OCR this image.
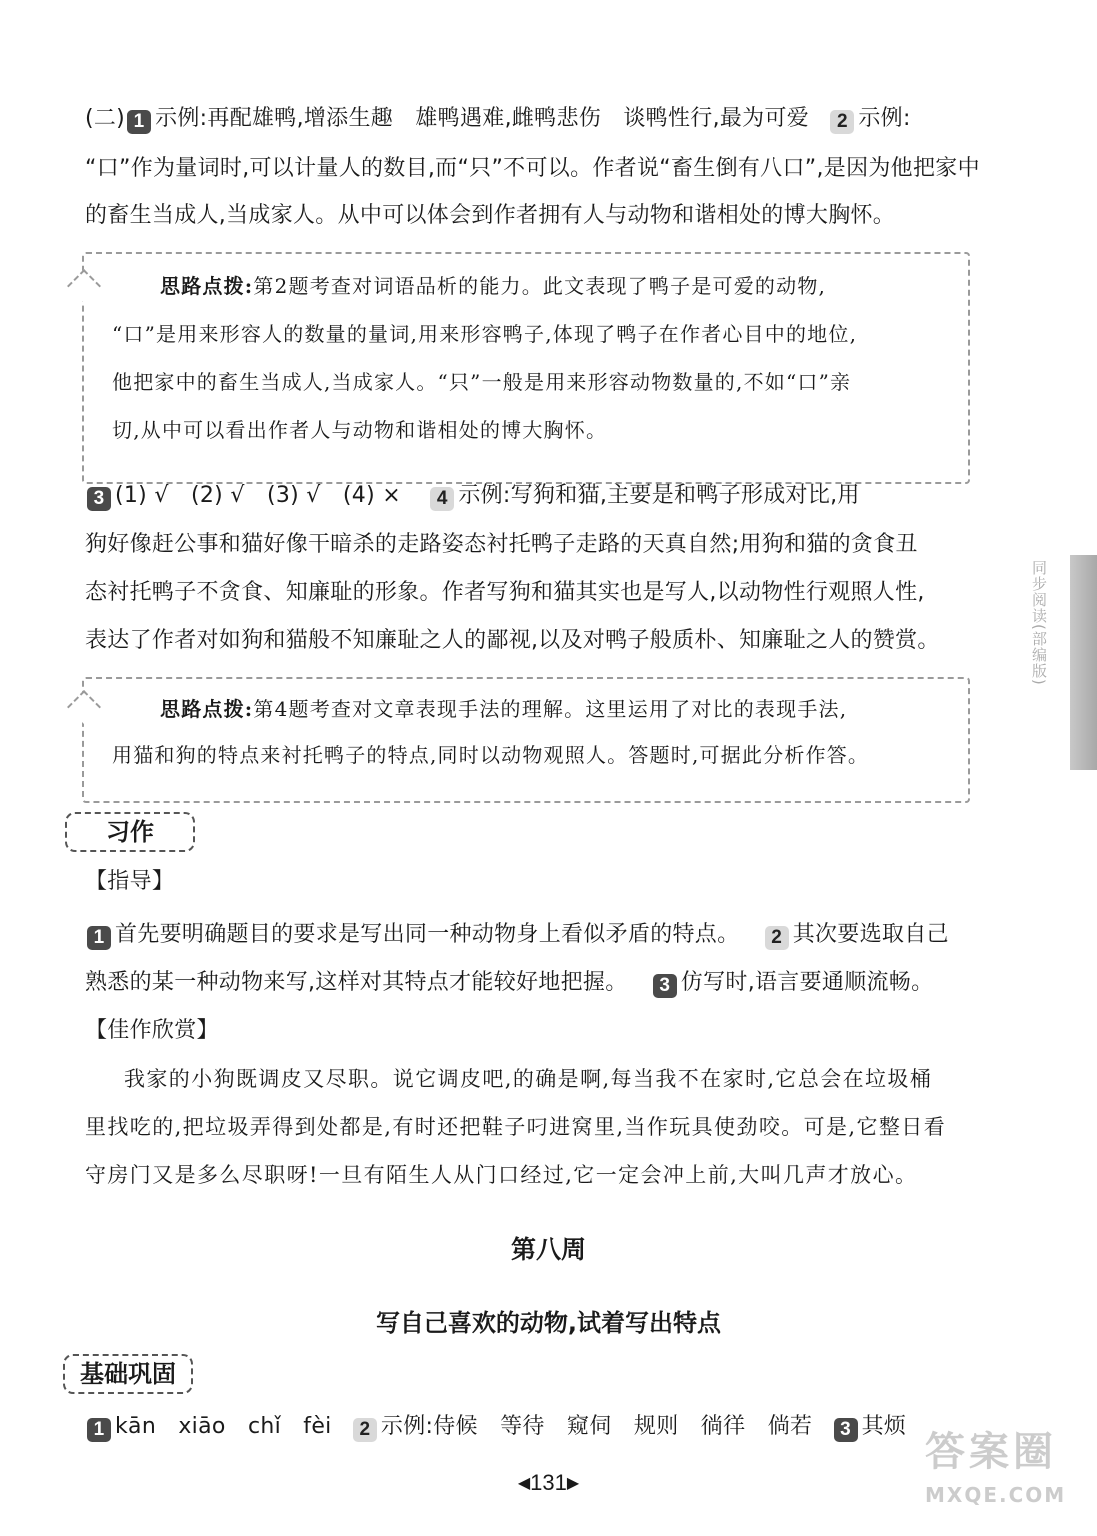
(二) 1 示例:再配雄鸭,增添生趣　雄鸭遇难,雌鸭悲伤　谈鸭性行,最为可爱 2 示例:
“口”作为量词时,可以计量人的数目,而“只”不可以。作者说“畜生倒有八口”,是因为他把家中
的畜生当成人,当成家人。从中可以体会到作者拥有人与动物和谐相处的博大胸怀。
思路点拨:第2题考查对词语品析的能力。此文表现了鸭子是可爱的动物,
“口”是用来形容人的数量的量词,用来形容鸭子,体现了鸭子在作者心目中的地位,
他把家中的畜生当成人,当成家人。“只”一般是用来形容动物数量的,不如“口”亲
切,从中可以看出作者人与动物和谐相处的博大胸怀。
3 (1) √　(2) √　(3) √　(4) × 4 示例:写狗和猫,主要是和鸭子形成对比,用
狗好像赶公事和猫好像干暗杀的走路姿态衬托鸭子走路的天真自然;用狗和猫的贪食丑
态衬托鸭子不贪食、知廉耻的形象。作者写狗和猫其实也是写人,以动物性行观照人性,
表达了作者对如狗和猫般不知廉耻之人的鄙视,以及对鸭子般质朴、知廉耻之人的赞赏。
思路点拨:第4题考查对文章表现手法的理解。这里运用了对比的表现手法,
用猫和狗的特点来衬托鸭子的特点,同时以动物观照人。答题时,可据此分析作答。
习作
【指导】
1 首先要明确题目的要求是写出同一种动物身上看似矛盾的特点。 2 其次要选取自己
熟悉的某一种动物来写,这样对其特点才能较好地把握。 3 仿写时,语言要通顺流畅。
【佳作欣赏】
我家的小狗既调皮又尽职。说它调皮吧,的确是啊,每当我不在家时,它总会在垃圾桶
里找吃的,把垃圾弄得到处都是,有时还把鞋子叼进窝里,当作玩具使劲咬。可是,它整日看
守房门又是多么尽职呀!一旦有陌生人从门口经过,它一定会冲上前,大叫几声才放心。
第八周
写自己喜欢的动物,试着写出特点
基础巩固
1 kān　xiāo　chǐ　fèi 2 示例:侍候　等待　窥伺　规则　徜徉　倘若 3 其烦
同步阅读(部编版)
◀131▶
答案圈
MXQE.COM
